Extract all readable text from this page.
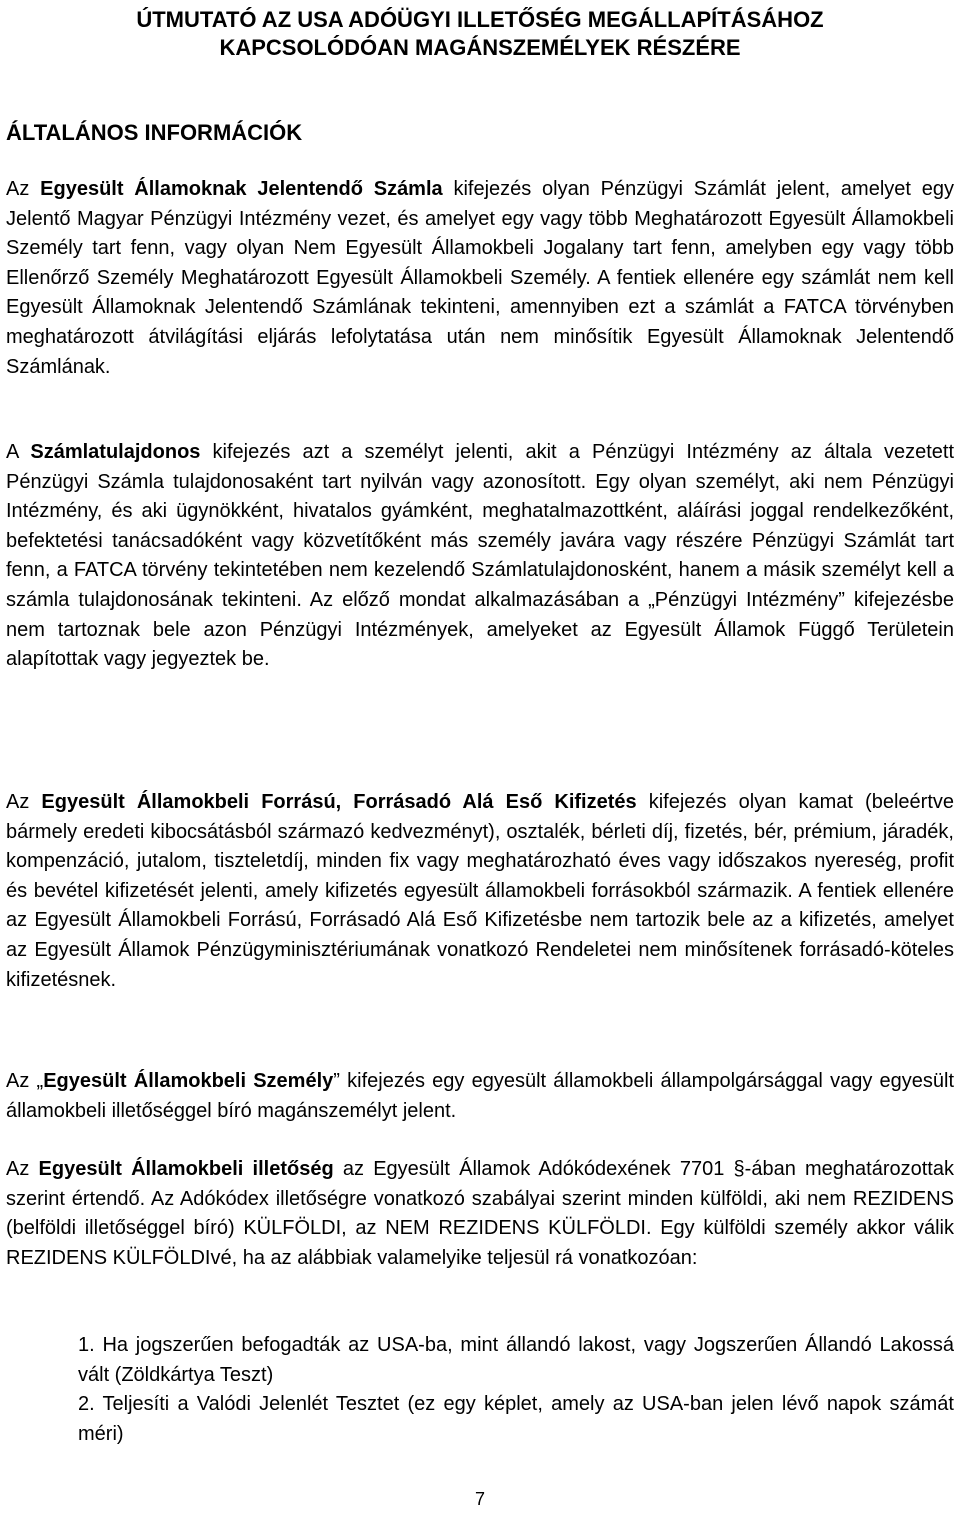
ÚTMUTATÓ AZ USA ADÓÜGYI ILLETŐSÉG MEGÁLLAPÍTÁSÁHOZ
KAPCSOLÓDÓAN MAGÁNSZEMÉLYEK RÉSZÉRE
ÁLTALÁNOS INFORMÁCIÓK

Az Egyesült Államoknak Jelentendő Számla kifejezés olyan Pénzügyi Számlát jelent, amelyet egy Jelentő Magyar Pénzügyi Intézmény vezet, és amelyet egy vagy több Meghatározott Egyesült Államokbeli Személy tart fenn, vagy olyan Nem Egyesült Államokbeli Jogalany tart fenn, amelyben egy vagy több Ellenőrző Személy Meghatározott Egyesült Államokbeli Személy. A fentiek ellenére egy számlát nem kell Egyesült Államoknak Jelentendő Számlának tekinteni, amennyiben ezt a számlát a FATCA törvényben meghatározott átvilágítási eljárás lefolytatása után nem minősítik Egyesült Államoknak Jelentendő Számlának.

A Számlatulajdonos kifejezés azt a személyt jelenti, akit a Pénzügyi Intézmény az általa vezetett Pénzügyi Számla tulajdonosaként tart nyilván vagy azonosított. Egy olyan személyt, aki nem Pénzügyi Intézmény, és aki ügynökként, hivatalos gyámként, meghatalmazottként, aláírási joggal rendelkezőként, befektetési tanácsadóként vagy közvetítőként más személy javára vagy részére Pénzügyi Számlát tart fenn, a FATCA törvény tekintetében nem kezelendő Számlatulajdonosként, hanem a másik személyt kell a számla tulajdonosának tekinteni. Az előző mondat alkalmazásában a „Pénzügyi Intézmény” kifejezésbe nem tartoznak bele azon Pénzügyi Intézmények, amelyeket az Egyesült Államok Függő Területein alapítottak vagy jegyeztek be.

Az Egyesült Államokbeli Forrású, Forrásadó Alá Eső Kifizetés kifejezés olyan kamat (beleértve bármely eredeti kibocsátásból származó kedvezményt), osztalék, bérleti díj, fizetés, bér, prémium, járadék, kompenzáció, jutalom, tiszteletdíj, minden fix vagy meghatározható éves vagy időszakos nyereség, profit és bevétel kifizetését jelenti, amely kifizetés egyesült államokbeli forrásokból származik. A fentiek ellenére az Egyesült Államokbeli Forrású, Forrásadó Alá Eső Kifizetésbe nem tartozik bele az a kifizetés, amelyet az Egyesült Államok Pénzügyminisztériumának vonatkozó Rendeletei nem minősítenek forrásadó-köteles kifizetésnek.

Az „Egyesült Államokbeli Személy” kifejezés egy egyesült államokbeli állampolgársággal vagy egyesült államokbeli illetőséggel bíró magánszemélyt jelent.

Az Egyesült Államokbeli illetőség az Egyesült Államok Adókódexének 7701 §-ában meghatározottak szerint értendő. Az Adókódex illetőségre vonatkozó szabályai szerint minden külföldi, aki nem REZIDENS (belföldi illetőséggel bíró) KÜLFÖLDI, az NEM REZIDENS KÜLFÖLDI. Egy külföldi személy akkor válik REZIDENS KÜLFÖLDIvé, ha az alábbiak valamelyike teljesül rá vonatkozóan:

1. Ha jogszerűen befogadták az USA-ba, mint állandó lakost, vagy Jogszerűen Állandó Lakossá vált (Zöldkártya Teszt)
2. Teljesíti a Valódi Jelenlét Tesztet (ez egy képlet, amely az USA-ban jelen lévő napok számát méri)
7
